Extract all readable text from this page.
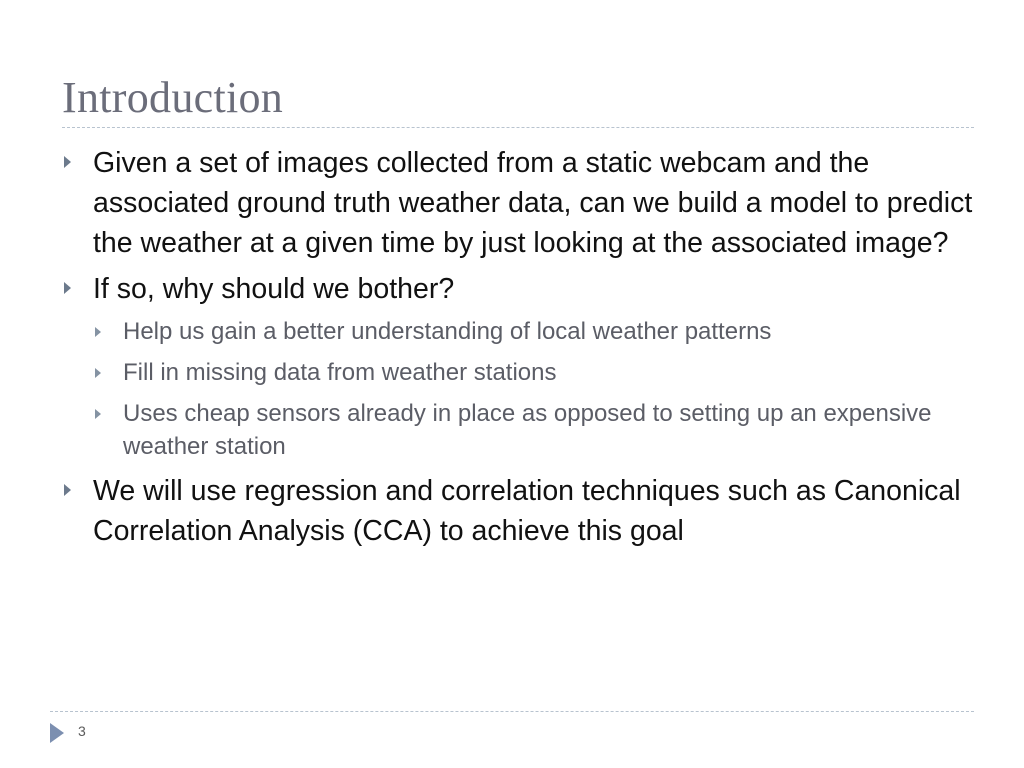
Introduction
Given a set of images collected from a static webcam and the associated ground truth weather data, can we build a model to predict the weather at a given time by just looking at the associated image?
If so, why should we bother?
Help us gain a better understanding of local weather patterns
Fill in missing data from weather stations
Uses cheap sensors already in place as opposed to setting up an expensive weather station
We will use regression and correlation techniques such as Canonical Correlation Analysis (CCA) to achieve this goal
3
